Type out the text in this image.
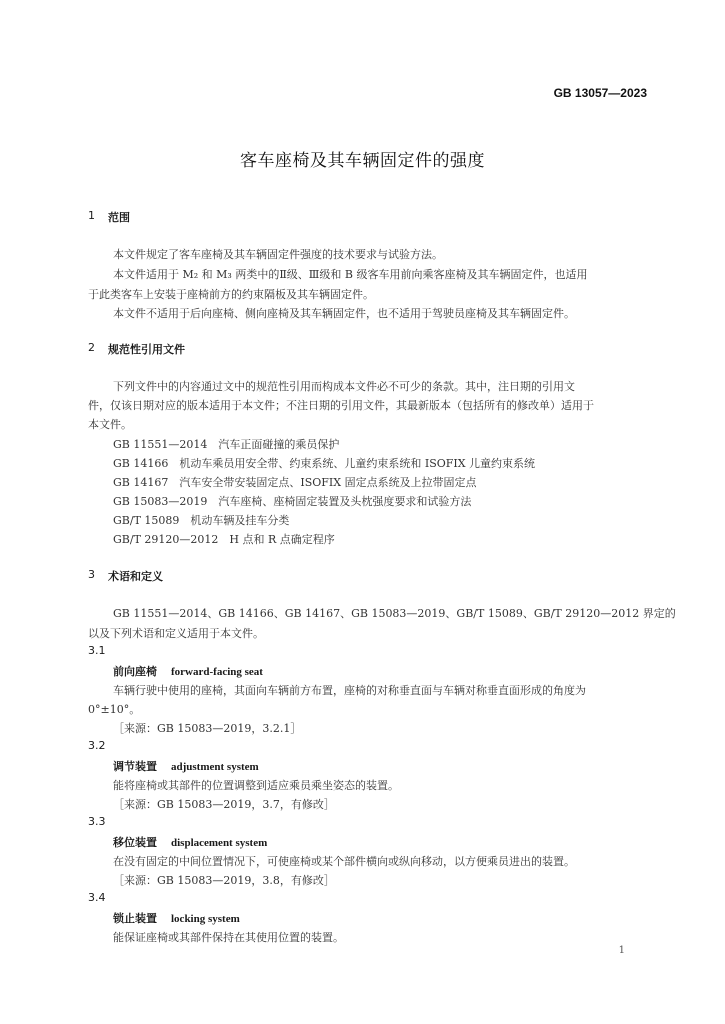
GB 13057—2023
客车座椅及其车辆固定件的强度
1 范围
本文件规定了客车座椅及其车辆固定件强度的技术要求与试验方法。
本文件适用于 M₂ 和 M₃ 两类中的Ⅱ级、Ⅲ级和 B 级客车用前向乘客座椅及其车辆固定件，也适用
于此类客车上安装于座椅前方的约束隔板及其车辆固定件。
本文件不适用于后向座椅、侧向座椅及其车辆固定件，也不适用于驾驶员座椅及其车辆固定件。
2 规范性引用文件
下列文件中的内容通过文中的规范性引用而构成本文件必不可少的条款。其中，注日期的引用文
件，仅该日期对应的版本适用于本文件；不注日期的引用文件，其最新版本（包括所有的修改单）适用于
本文件。
GB 11551—2014　汽车正面碰撞的乘员保护
GB 14166　机动车乘员用安全带、约束系统、儿童约束系统和 ISOFIX 儿童约束系统
GB 14167　汽车安全带安装固定点、ISOFIX 固定点系统及上拉带固定点
GB 15083—2019　汽车座椅、座椅固定装置及头枕强度要求和试验方法
GB/T 15089　机动车辆及挂车分类
GB/T 29120—2012　H 点和 R 点确定程序
3 术语和定义
GB 11551—2014、GB 14166、GB 14167、GB 15083—2019、GB/T 15089、GB/T 29120—2012 界定的
以及下列术语和定义适用于本文件。
3.1
前向座椅 forward-facing seat
车辆行驶中使用的座椅，其面向车辆前方布置，座椅的对称垂直面与车辆对称垂直面形成的角度为
0°±10°。
［来源：GB 15083—2019，3.2.1］
3.2
调节装置 adjustment system
能将座椅或其部件的位置调整到适应乘员乘坐姿态的装置。
［来源：GB 15083—2019，3.7，有修改］
3.3
移位装置 displacement system
在没有固定的中间位置情况下，可使座椅或某个部件横向或纵向移动，以方便乘员进出的装置。
［来源：GB 15083—2019，3.8，有修改］
3.4
锁止装置 locking system
能保证座椅或其部件保持在其使用位置的装置。
1
